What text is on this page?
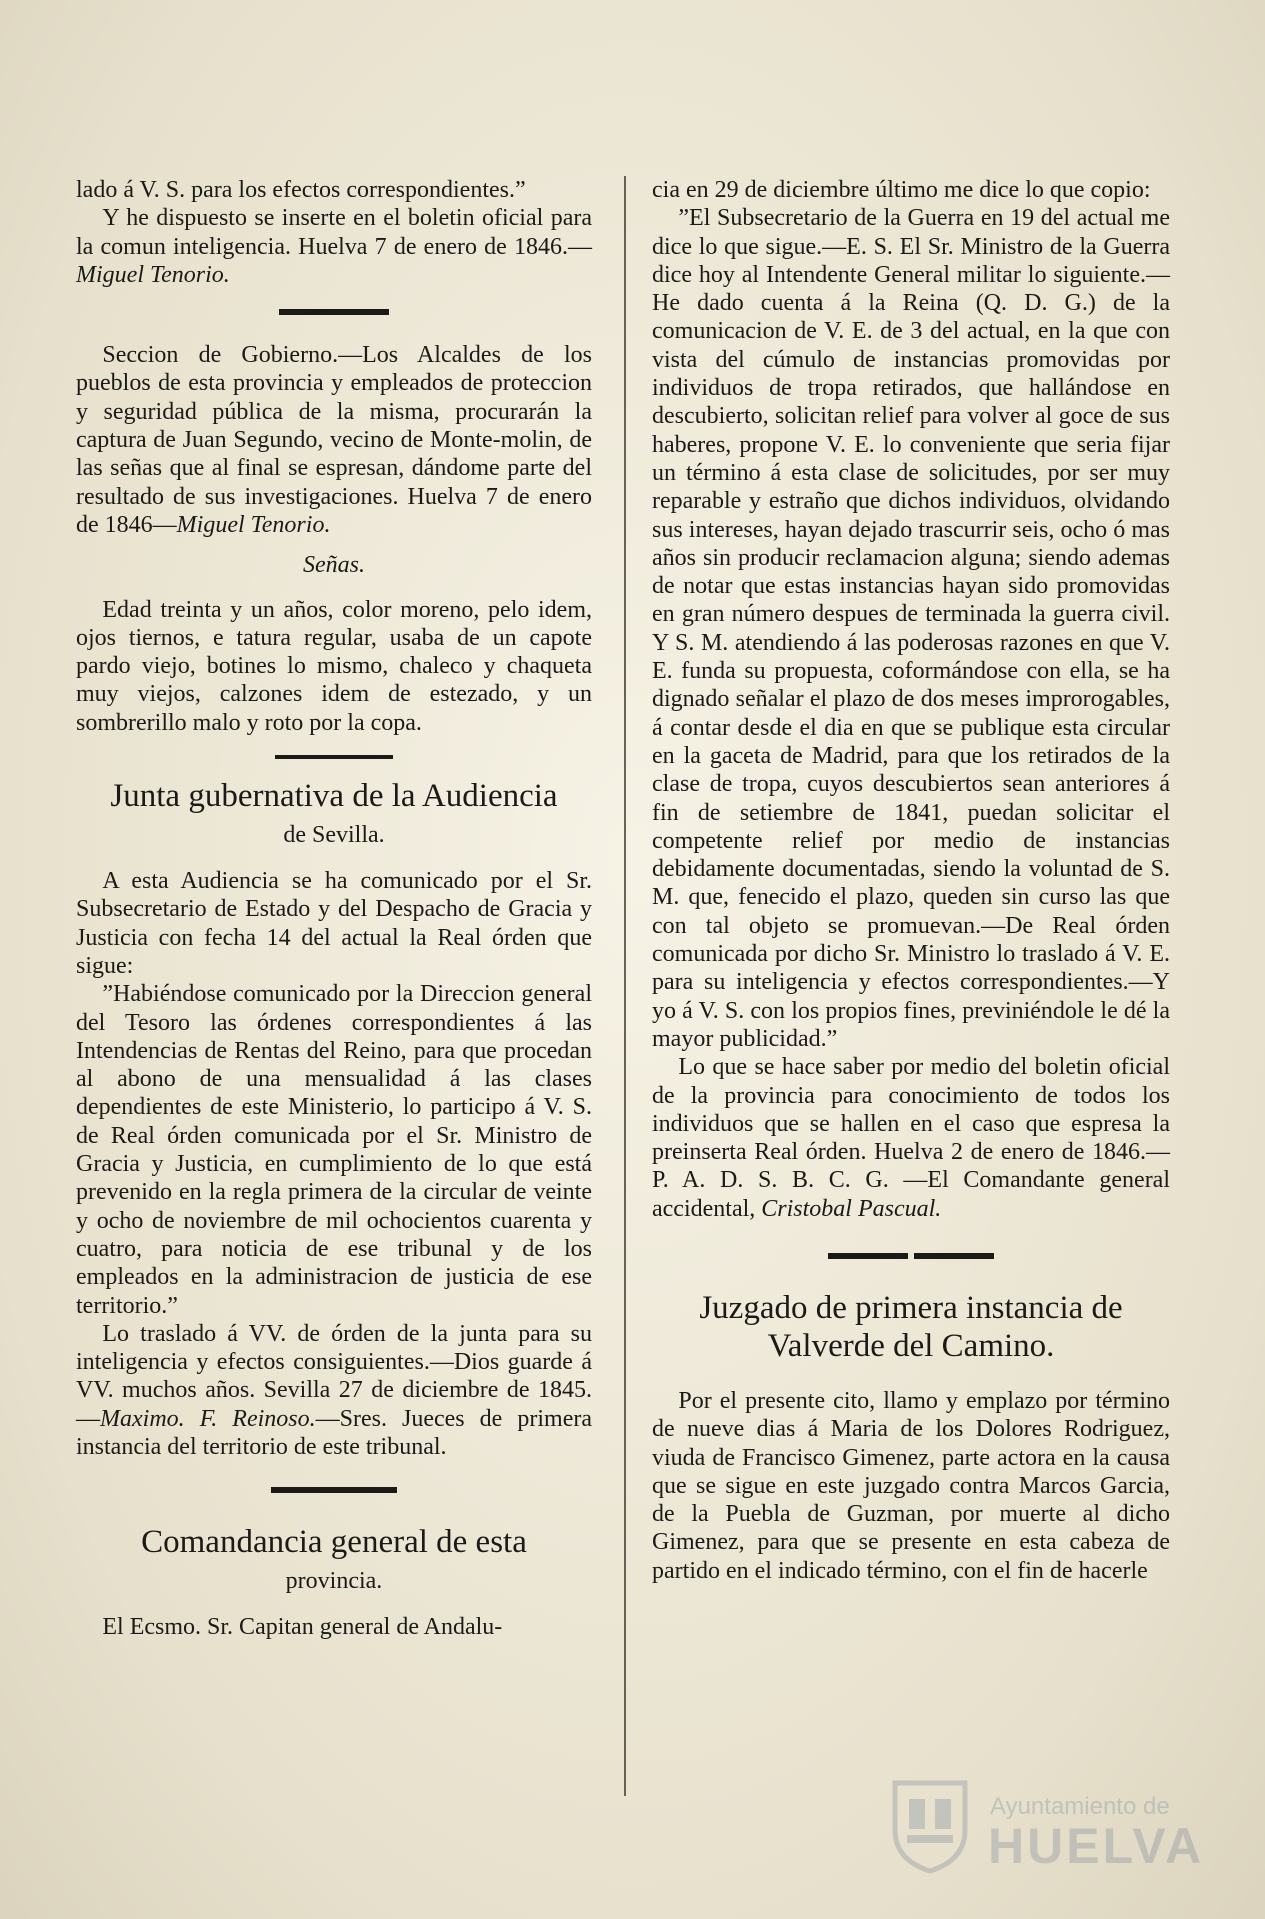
lado á V. S. para los efectos correspondientes.”

Y he dispuesto se inserte en el boletin oficial para la comun inteligencia. Huelva 7 de enero de 1846.—Miguel Tenorio.

Seccion de Gobierno.—Los Alcaldes de los pueblos de esta provincia y empleados de proteccion y seguridad pública de la misma, procurarán la captura de Juan Segundo, vecino de Monte-molin, de las señas que al final se espresan, dándome parte del resultado de sus investigaciones. Huelva 7 de enero de 1846—Miguel Tenorio.

Señas.

Edad treinta y un años, color moreno, pelo idem, ojos tiernos, e tatura regular, usaba de un capote pardo viejo, botines lo mismo, chaleco y chaqueta muy viejos, calzones idem de estezado, y un sombrerillo malo y roto por la copa.

Junta gubernativa de la Audiencia
de Sevilla.

A esta Audiencia se ha comunicado por el Sr. Subsecretario de Estado y del Despacho de Gracia y Justicia con fecha 14 del actual la Real órden que sigue:

”Habiéndose comunicado por la Direccion general del Tesoro las órdenes correspondientes á las Intendencias de Rentas del Reino, para que procedan al abono de una mensualidad á las clases dependientes de este Ministerio, lo participo á V. S. de Real órden comunicada por el Sr. Ministro de Gracia y Justicia, en cumplimiento de lo que está prevenido en la regla primera de la circular de veinte y ocho de noviembre de mil ochocientos cuarenta y cuatro, para noticia de ese tribunal y de los empleados en la administracion de justicia de ese territorio.”

Lo traslado á VV. de órden de la junta para su inteligencia y efectos consiguientes.—Dios guarde á VV. muchos años. Sevilla 27 de diciembre de 1845.—Maximo. F. Reinoso.—Sres. Jueces de primera instancia del territorio de este tribunal.

Comandancia general de esta
provincia.

El Ecsmo. Sr. Capitan general de Andalu-

cia en 29 de diciembre último me dice lo que copio:

”El Subsecretario de la Guerra en 19 del actual me dice lo que sigue.—E. S. El Sr. Ministro de la Guerra dice hoy al Intendente General militar lo siguiente.—He dado cuenta á la Reina (Q. D. G.) de la comunicacion de V. E. de 3 del actual, en la que con vista del cúmulo de instancias promovidas por individuos de tropa retirados, que hallándose en descubierto, solicitan relief para volver al goce de sus haberes, propone V. E. lo conveniente que seria fijar un término á esta clase de solicitudes, por ser muy reparable y estraño que dichos individuos, olvidando sus intereses, hayan dejado trascurrir seis, ocho ó mas años sin producir reclamacion alguna; siendo ademas de notar que estas instancias hayan sido promovidas en gran número despues de terminada la guerra civil. Y S. M. atendiendo á las poderosas razones en que V. E. funda su propuesta, coformándose con ella, se ha dignado señalar el plazo de dos meses improrogables, á contar desde el dia en que se publique esta circular en la gaceta de Madrid, para que los retirados de la clase de tropa, cuyos descubiertos sean anteriores á fin de setiembre de 1841, puedan solicitar el competente relief por medio de instancias debidamente documentadas, siendo la voluntad de S. M. que, fenecido el plazo, queden sin curso las que con tal objeto se promuevan.—De Real órden comunicada por dicho Sr. Ministro lo traslado á V. E. para su inteligencia y efectos correspondientes.—Y yo á V. S. con los propios fines, previniéndole le dé la mayor publicidad.”

Lo que se hace saber por medio del boletin oficial de la provincia para conocimiento de todos los individuos que se hallen en el caso que espresa la preinserta Real órden. Huelva 2 de enero de 1846.—P. A. D. S. B. C. G. —El Comandante general accidental, Cristobal Pascual.

Juzgado de primera instancia de Valverde del Camino.

Por el presente cito, llamo y emplazo por término de nueve dias á Maria de los Dolores Rodriguez, viuda de Francisco Gimenez, parte actora en la causa que se sigue en este juzgado contra Marcos Garcia, de la Puebla de Guzman, por muerte al dicho Gimenez, para que se presente en esta cabeza de partido en el indicado término, con el fin de hacerle

Ayuntamiento de
HUELVA
